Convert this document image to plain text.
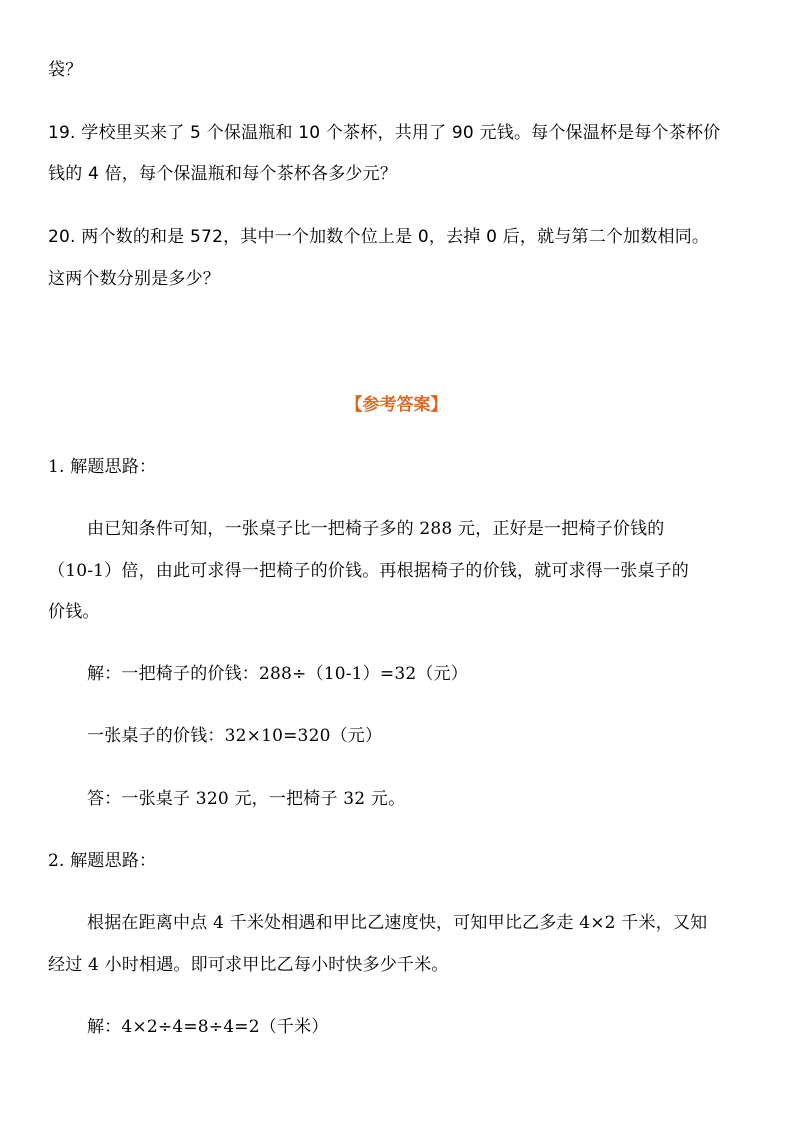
袋？
19. 学校里买来了 5 个保温瓶和 10 个茶杯，共用了 90 元钱。每个保温杯是每个茶杯价
钱的 4 倍，每个保温瓶和每个茶杯各多少元？
20. 两个数的和是 572，其中一个加数个位上是 0，去掉 0 后，就与第二个加数相同。
这两个数分别是多少？
【参考答案】
1. 解题思路：
由已知条件可知，一张桌子比一把椅子多的 288 元，正好是一把椅子价钱的
（10-1）倍，由此可求得一把椅子的价钱。再根据椅子的价钱，就可求得一张桌子的
价钱。
解：一把椅子的价钱：288÷（10-1）=32（元）
一张桌子的价钱：32×10=320（元）
答：一张桌子 320 元，一把椅子 32 元。
2. 解题思路：
根据在距离中点 4 千米处相遇和甲比乙速度快，可知甲比乙多走 4×2 千米，又知
经过 4 小时相遇。即可求甲比乙每小时快多少千米。
解：4×2÷4=8÷4=2（千米）
